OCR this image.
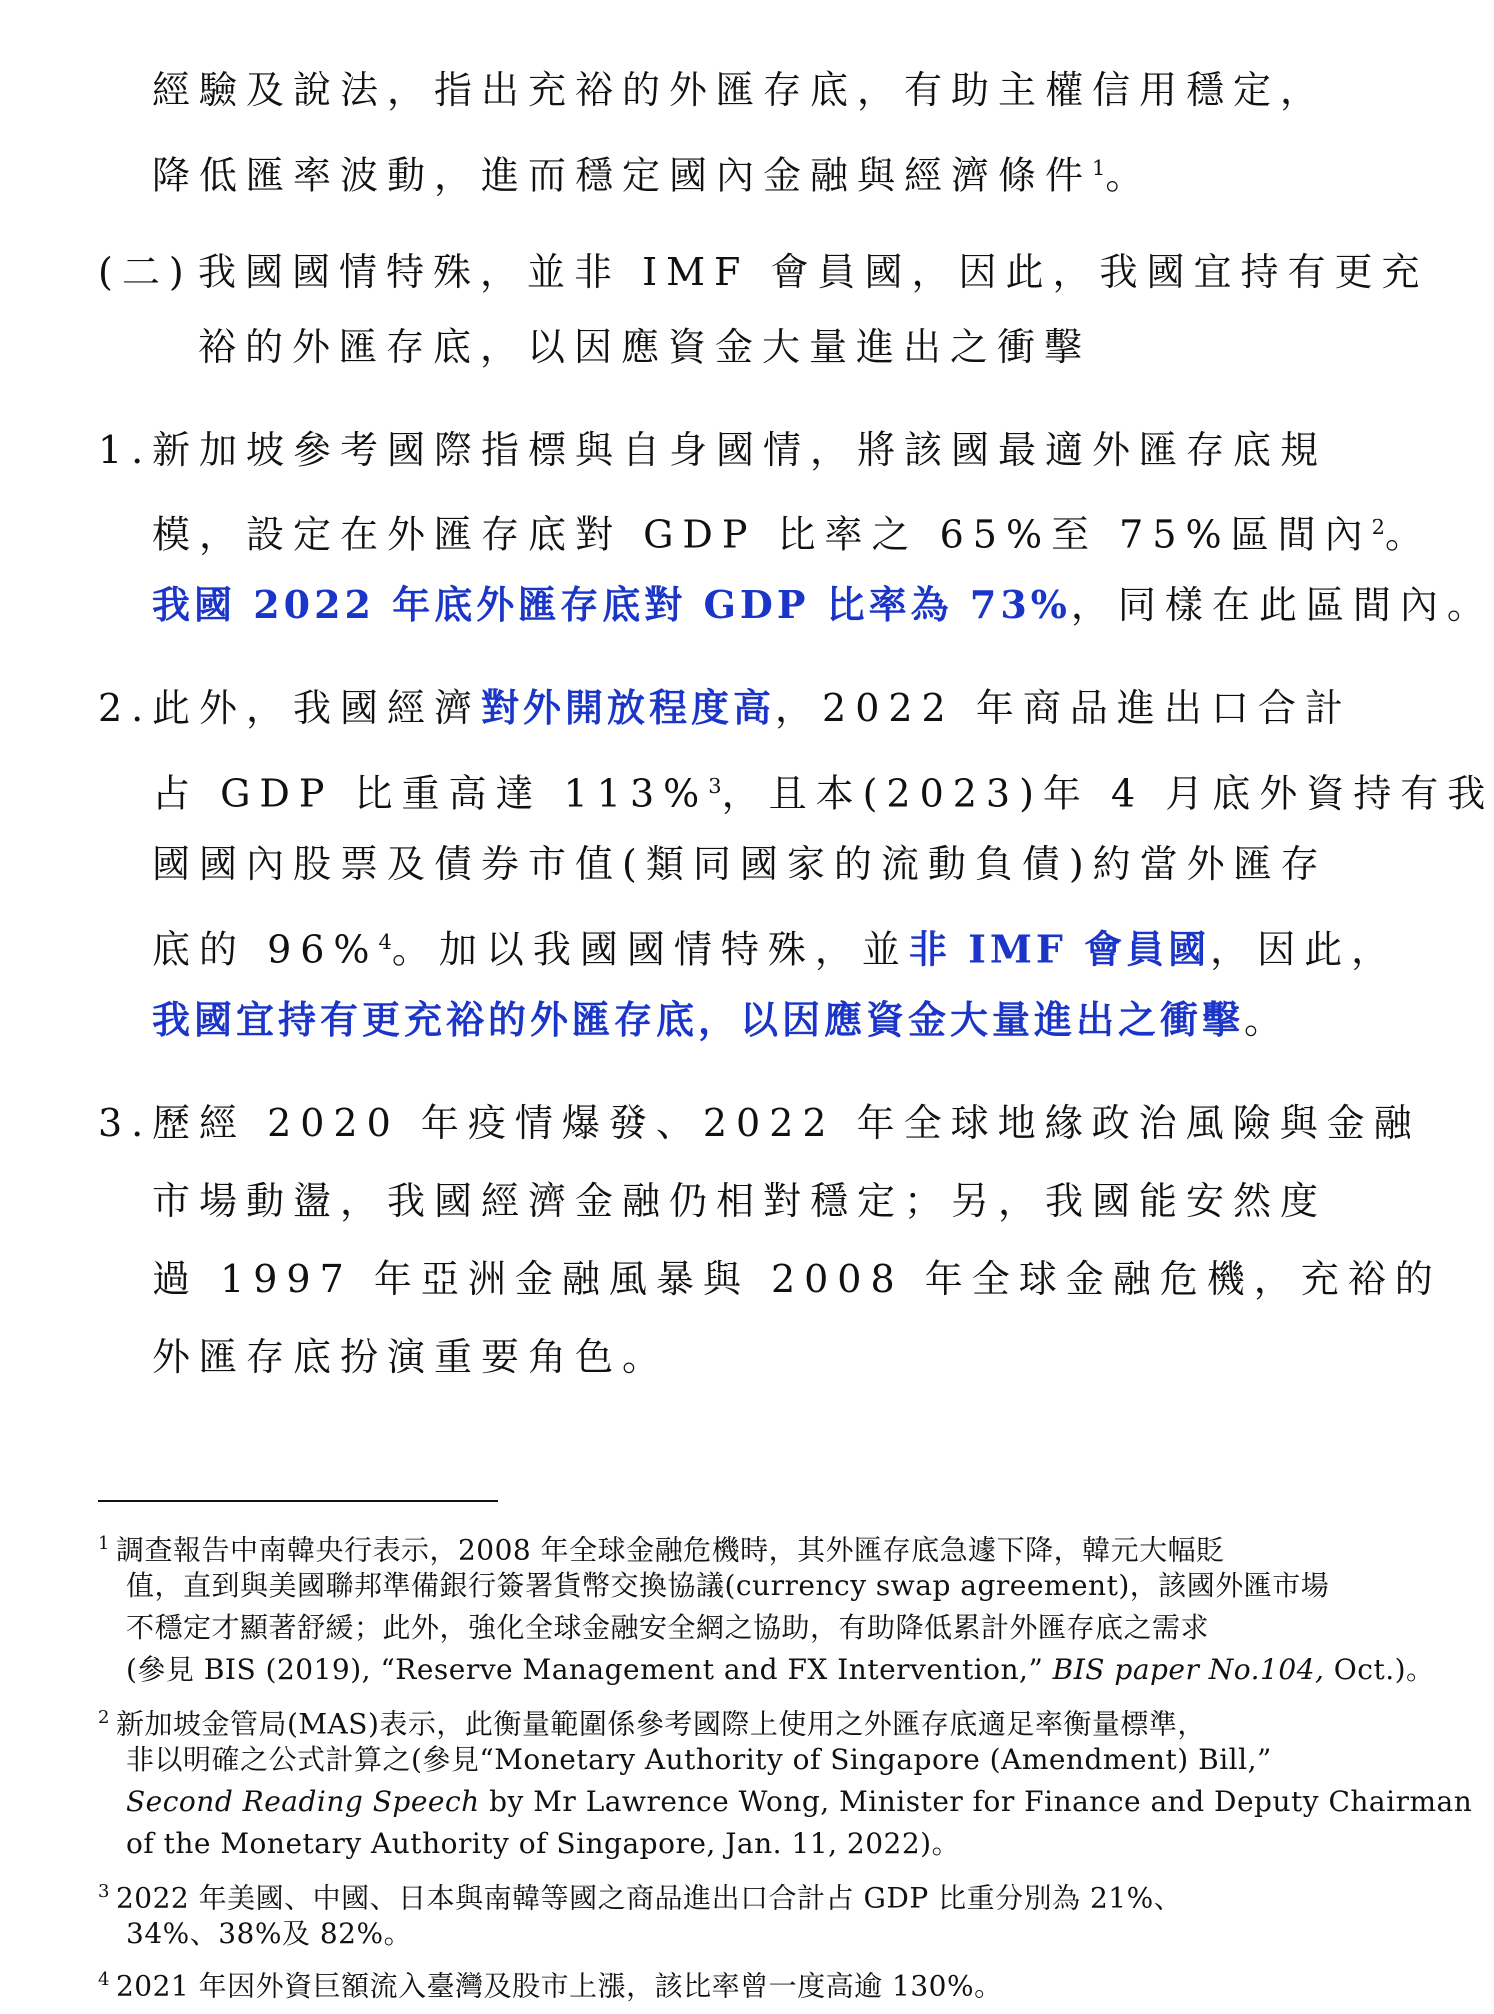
經驗及說法，指出充裕的外匯存底，有助主權信用穩定，
降低匯率波動，進而穩定國內金融與經濟條件$^1$。
(二) 我國國情特殊，並非 IMF 會員國，因此，我國宜持有更充
裕的外匯存底，以因應資金大量進出之衝擊
1. 新加坡參考國際指標與自身國情，將該國最適外匯存底規
模，設定在外匯存底對 GDP 比率之 65%至 75%區間內$^2$。
我國 2022 年底外匯存底對 GDP 比率為 73%，同樣在此區間內。
2. 此外，我國經濟對外開放程度高，2022 年商品進出口合計
占 GDP 比重高達 113%$^3$，且本(2023)年 4 月底外資持有我
國國內股票及債券市值(類同國家的流動負債)約當外匯存
底的 96%$^4$。加以我國國情特殊，並非 IMF 會員國，因此，
我國宜持有更充裕的外匯存底，以因應資金大量進出之衝擊。
3. 歷經 2020 年疫情爆發、2022 年全球地緣政治風險與金融
市場動盪，我國經濟金融仍相對穩定；另，我國能安然度
過 1997 年亞洲金融風暴與 2008 年全球金融危機，充裕的
外匯存底扮演重要角色。
$^1$ 調查報告中南韓央行表示，2008 年全球金融危機時，其外匯存底急遽下降，韓元大幅貶
值，直到與美國聯邦準備銀行簽署貨幣交換協議(currency swap agreement)，該國外匯市場
不穩定才顯著舒緩；此外，強化全球金融安全網之協助，有助降低累計外匯存底之需求
(參見 BIS (2019), “Reserve Management and FX Intervention,” BIS paper No.104, Oct.)。
$^2$ 新加坡金管局(MAS)表示，此衡量範圍係參考國際上使用之外匯存底適足率衡量標準，
非以明確之公式計算之(參見“Monetary Authority of Singapore (Amendment) Bill,”
Second Reading Speech by Mr Lawrence Wong, Minister for Finance and Deputy Chairman
of the Monetary Authority of Singapore, Jan. 11, 2022)。
$^3$ 2022 年美國、中國、日本與南韓等國之商品進出口合計占 GDP 比重分別為 21%、
34%、38%及 82%。
$^4$ 2021 年因外資巨額流入臺灣及股市上漲，該比率曾一度高逾 130%。
